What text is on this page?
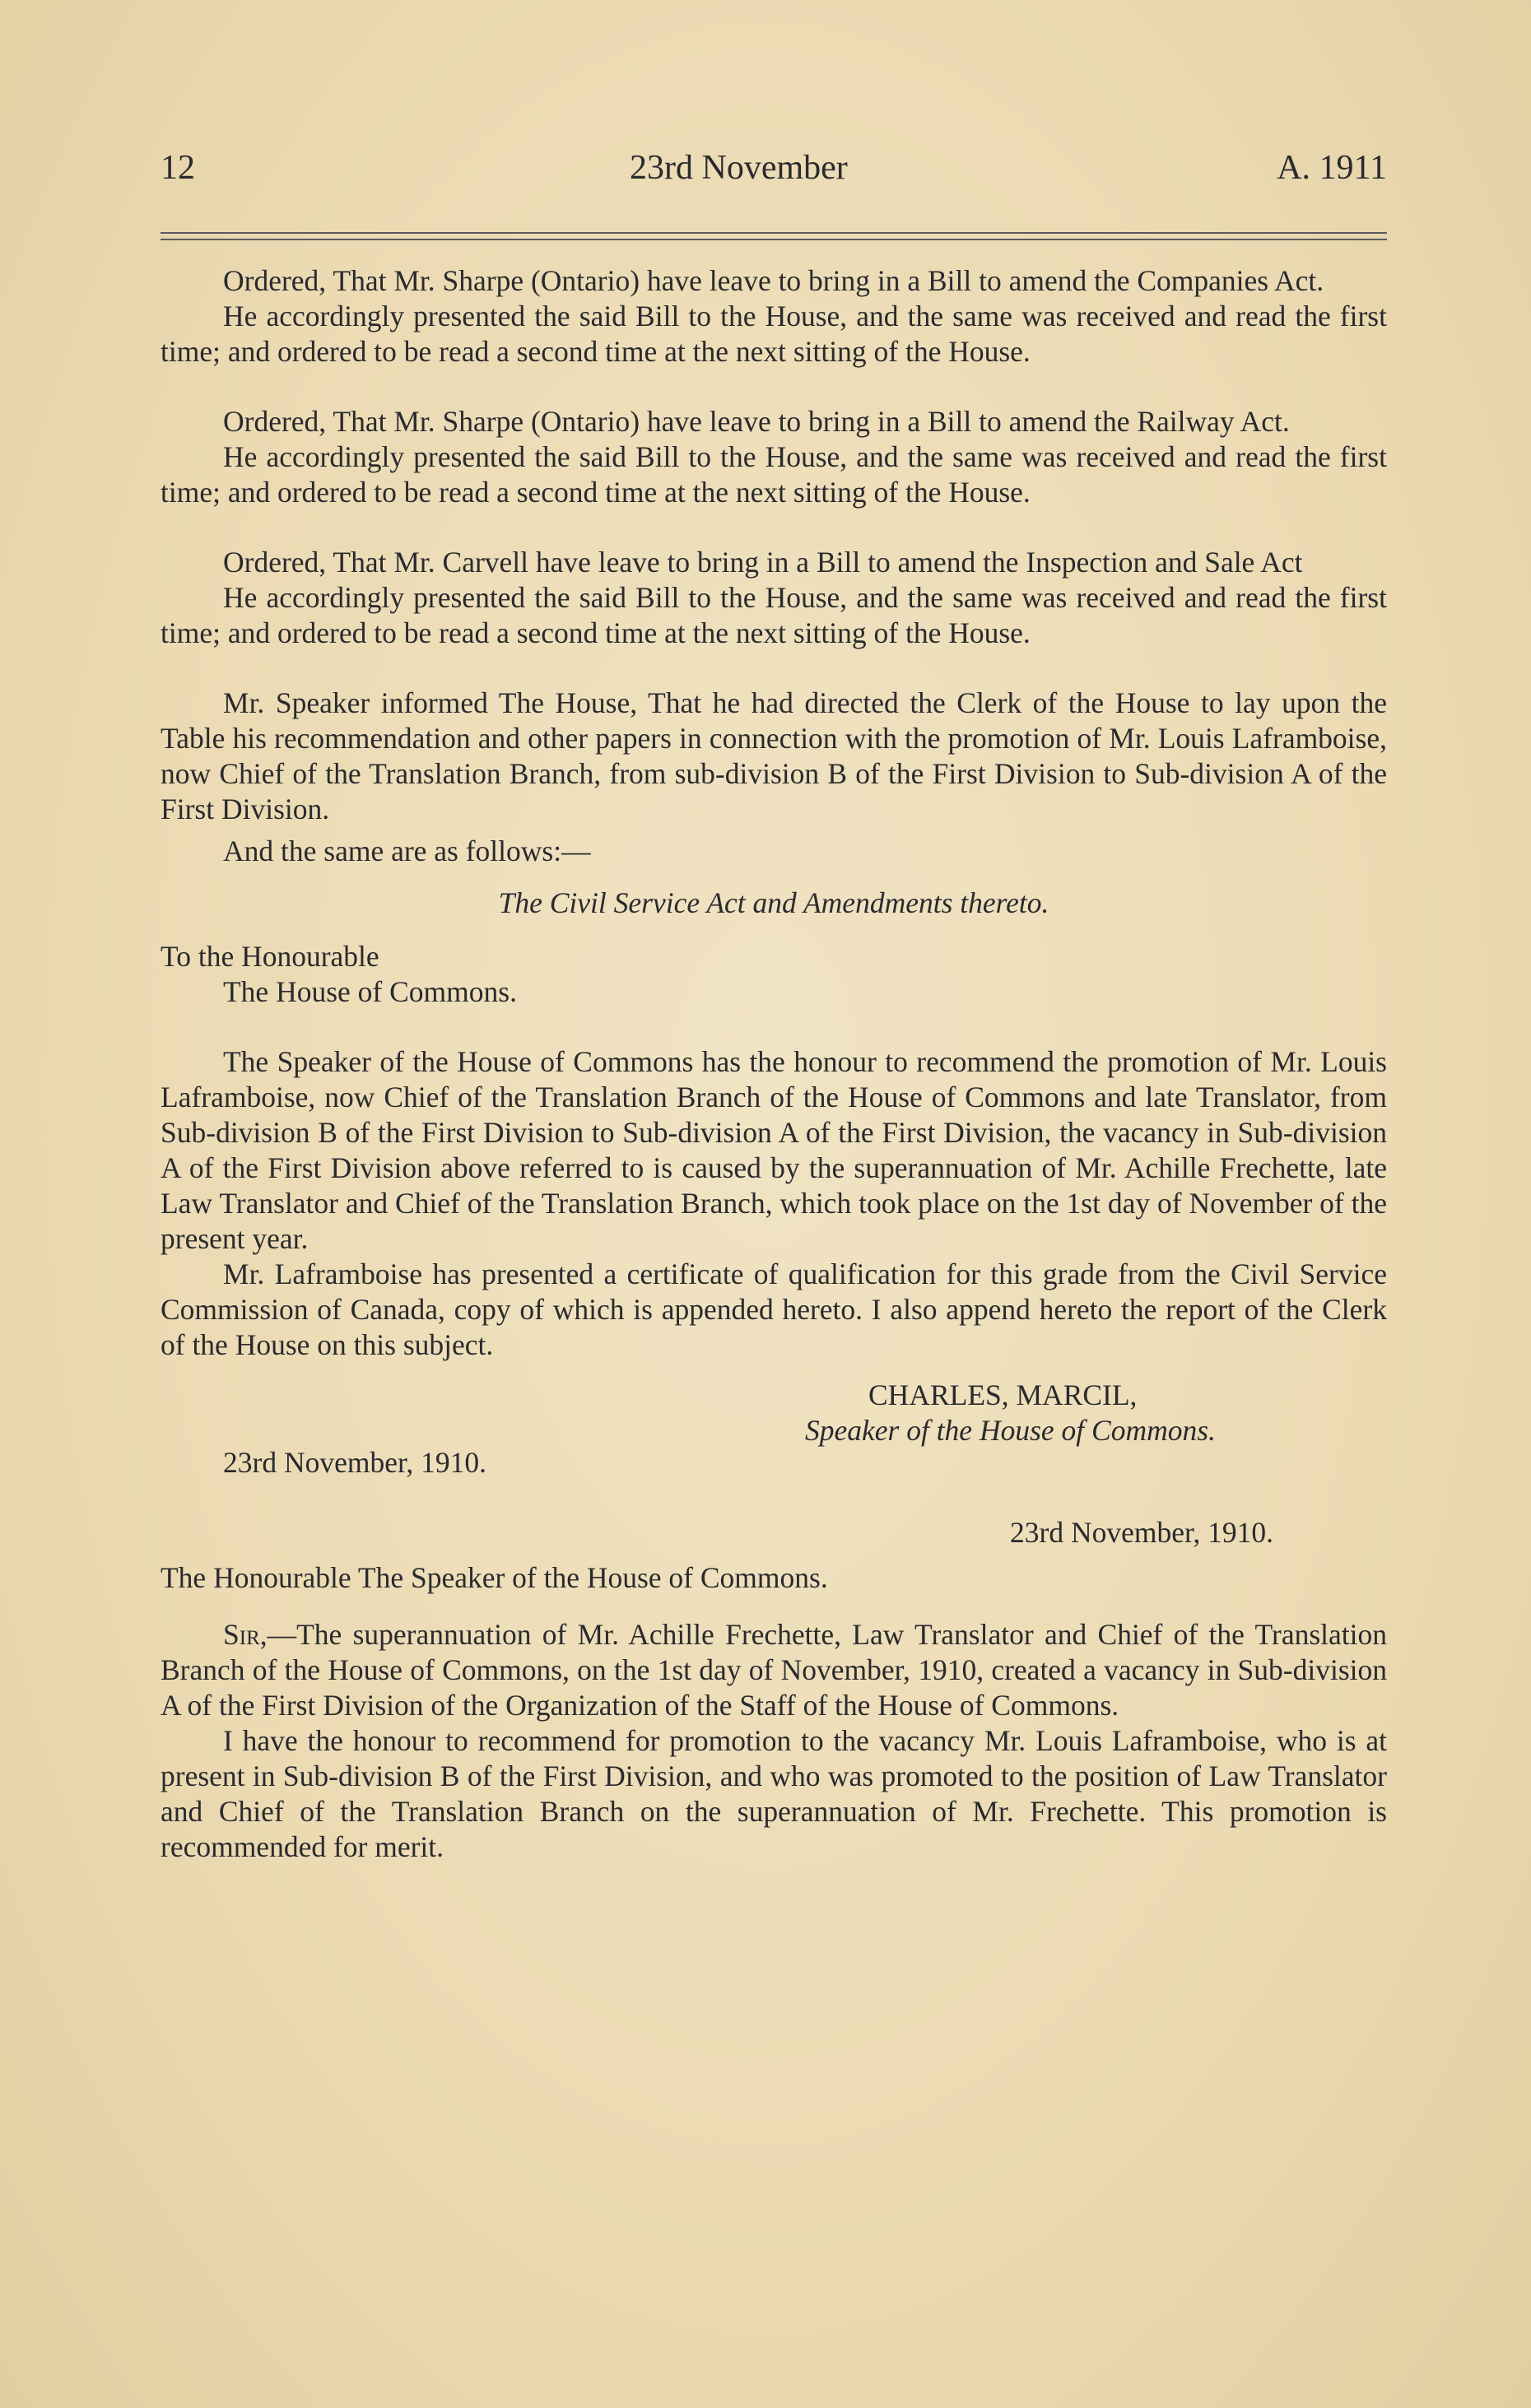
12	23rd November	A. 1911

Ordered, That Mr. Sharpe (Ontario) have leave to bring in a Bill to amend the Companies Act.

He accordingly presented the said Bill to the House, and the same was received and read the first time; and ordered to be read a second time at the next sitting of the House.

Ordered, That Mr. Sharpe (Ontario) have leave to bring in a Bill to amend the Railway Act.

He accordingly presented the said Bill to the House, and the same was received and read the first time; and ordered to be read a second time at the next sitting of the House.

Ordered, That Mr. Carvell have leave to bring in a Bill to amend the Inspection and Sale Act

He accordingly presented the said Bill to the House, and the same was received and read the first time; and ordered to be read a second time at the next sitting of the House.

Mr. Speaker informed The House, That he had directed the Clerk of the House to lay upon the Table his recommendation and other papers in connection with the promotion of Mr. Louis Laframboise, now Chief of the Translation Branch, from sub-division B of the First Division to Sub-division A of the First Division.

And the same are as follows:—

The Civil Service Act and Amendments thereto.

To the Honourable

The House of Commons.

The Speaker of the House of Commons has the honour to recommend the promotion of Mr. Louis Laframboise, now Chief of the Translation Branch of the House of Commons and late Translator, from Sub-division B of the First Division to Sub-division A of the First Division, the vacancy in Sub-division A of the First Division above referred to is caused by the superannuation of Mr. Achille Frechette, late Law Translator and Chief of the Translation Branch, which took place on the 1st day of November of the present year.

Mr. Laframboise has presented a certificate of qualification for this grade from the Civil Service Commission of Canada, copy of which is appended hereto. I also append hereto the report of the Clerk of the House on this subject.

CHARLES, MARCIL,

Speaker of the House of Commons.

23rd November, 1910.

23rd November, 1910.

The Honourable The Speaker of the House of Commons.

Sir,—The superannuation of Mr. Achille Frechette, Law Translator and Chief of the Translation Branch of the House of Commons, on the 1st day of November, 1910, created a vacancy in Sub-division A of the First Division of the Organization of the Staff of the House of Commons.

I have the honour to recommend for promotion to the vacancy Mr. Louis Laframboise, who is at present in Sub-division B of the First Division, and who was promoted to the position of Law Translator and Chief of the Translation Branch on the superannuation of Mr. Frechette. This promotion is recommended for merit.
